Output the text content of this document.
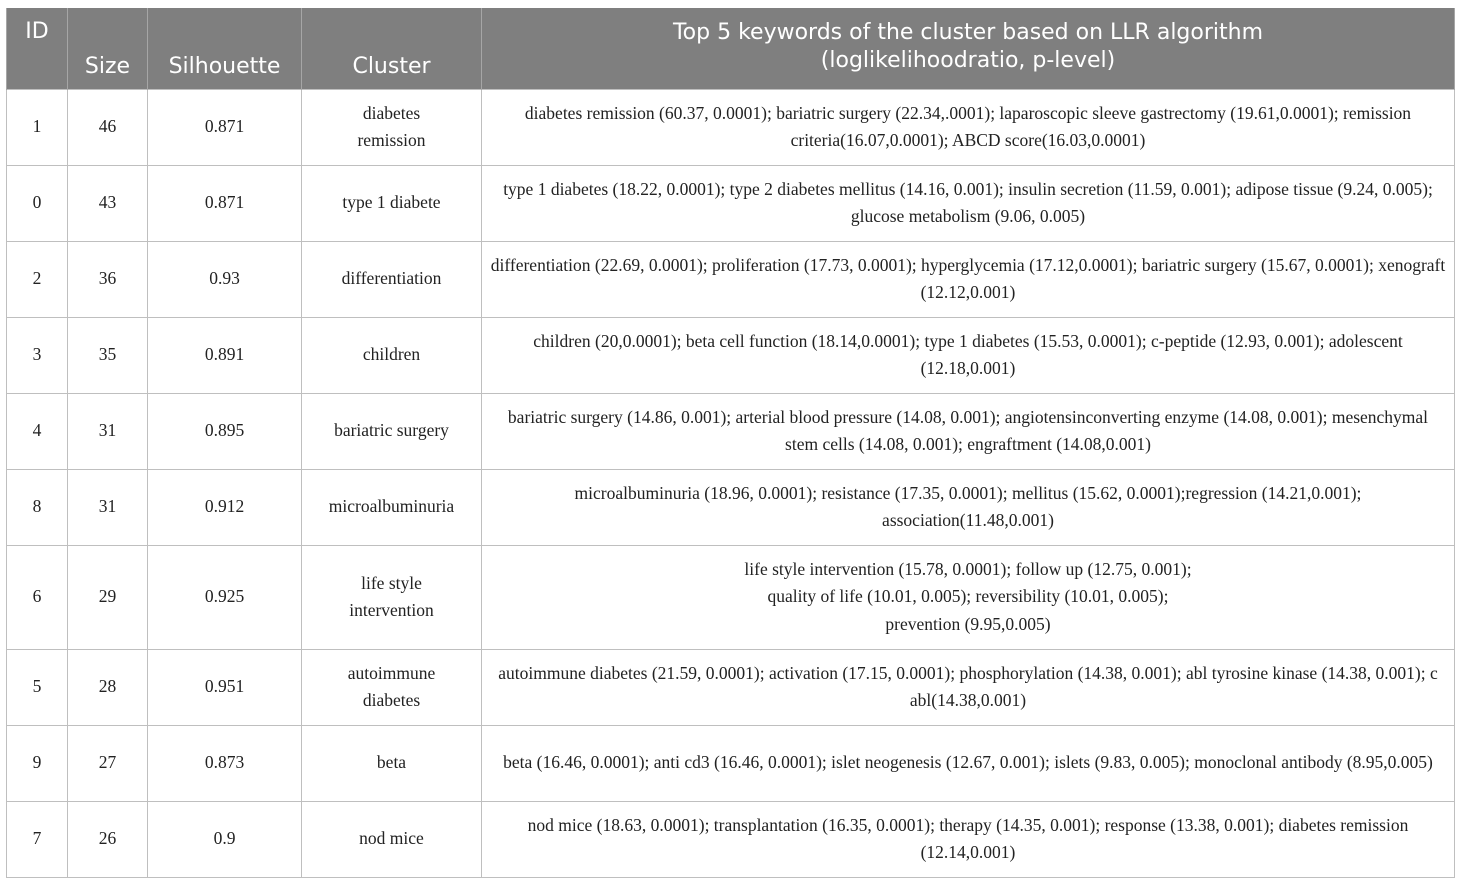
ID	Size	Silhouette	Cluster	Top 5 keywords of the cluster based on LLR algorithm
(loglikelihoodratio, p-level)

1	46	0.871	diabetes remission	diabetes remission (60.37, 0.0001); bariatric surgery (22.34,.0001); laparoscopic sleeve gastrectomy (19.61,0.0001); remission criteria(16.07,0.0001); ABCD score(16.03,0.0001)
0	43	0.871	type 1 diabete	type 1 diabetes (18.22, 0.0001); type 2 diabetes mellitus (14.16, 0.001); insulin secretion (11.59, 0.001); adipose tissue (9.24, 0.005); glucose metabolism (9.06, 0.005)
2	36	0.93	differentiation	differentiation (22.69, 0.0001); proliferation (17.73, 0.0001); hyperglycemia (17.12,0.0001); bariatric surgery (15.67, 0.0001); xenograft (12.12,0.001)
3	35	0.891	children	children (20,0.0001); beta cell function (18.14,0.0001); type 1 diabetes (15.53, 0.0001); c-peptide (12.93, 0.001); adolescent (12.18,0.001)
4	31	0.895	bariatric surgery	bariatric surgery (14.86, 0.001); arterial blood pressure (14.08, 0.001); angiotensinconverting enzyme (14.08, 0.001); mesenchymal stem cells (14.08, 0.001); engraftment (14.08,0.001)
8	31	0.912	microalbuminuria	microalbuminuria (18.96, 0.0001); resistance (17.35, 0.0001); mellitus (15.62, 0.0001);regression (14.21,0.001); association(11.48,0.001)
6	29	0.925	life style intervention	life style intervention (15.78, 0.0001); follow up (12.75, 0.001);
quality of life (10.01, 0.005); reversibility (10.01, 0.005);
prevention (9.95,0.005)

5	28	0.951	autoimmune diabetes	autoimmune diabetes (21.59, 0.0001); activation (17.15, 0.0001); phosphorylation (14.38, 0.001); abl tyrosine kinase (14.38, 0.001); c abl(14.38,0.001)
9	27	0.873	beta	beta (16.46, 0.0001); anti cd3 (16.46, 0.0001); islet neogenesis (12.67, 0.001); islets (9.83, 0.005); monoclonal antibody (8.95,0.005)
7	26	0.9	nod mice	nod mice (18.63, 0.0001); transplantation (16.35, 0.0001); therapy (14.35, 0.001); response (13.38, 0.001); diabetes remission (12.14,0.001)
